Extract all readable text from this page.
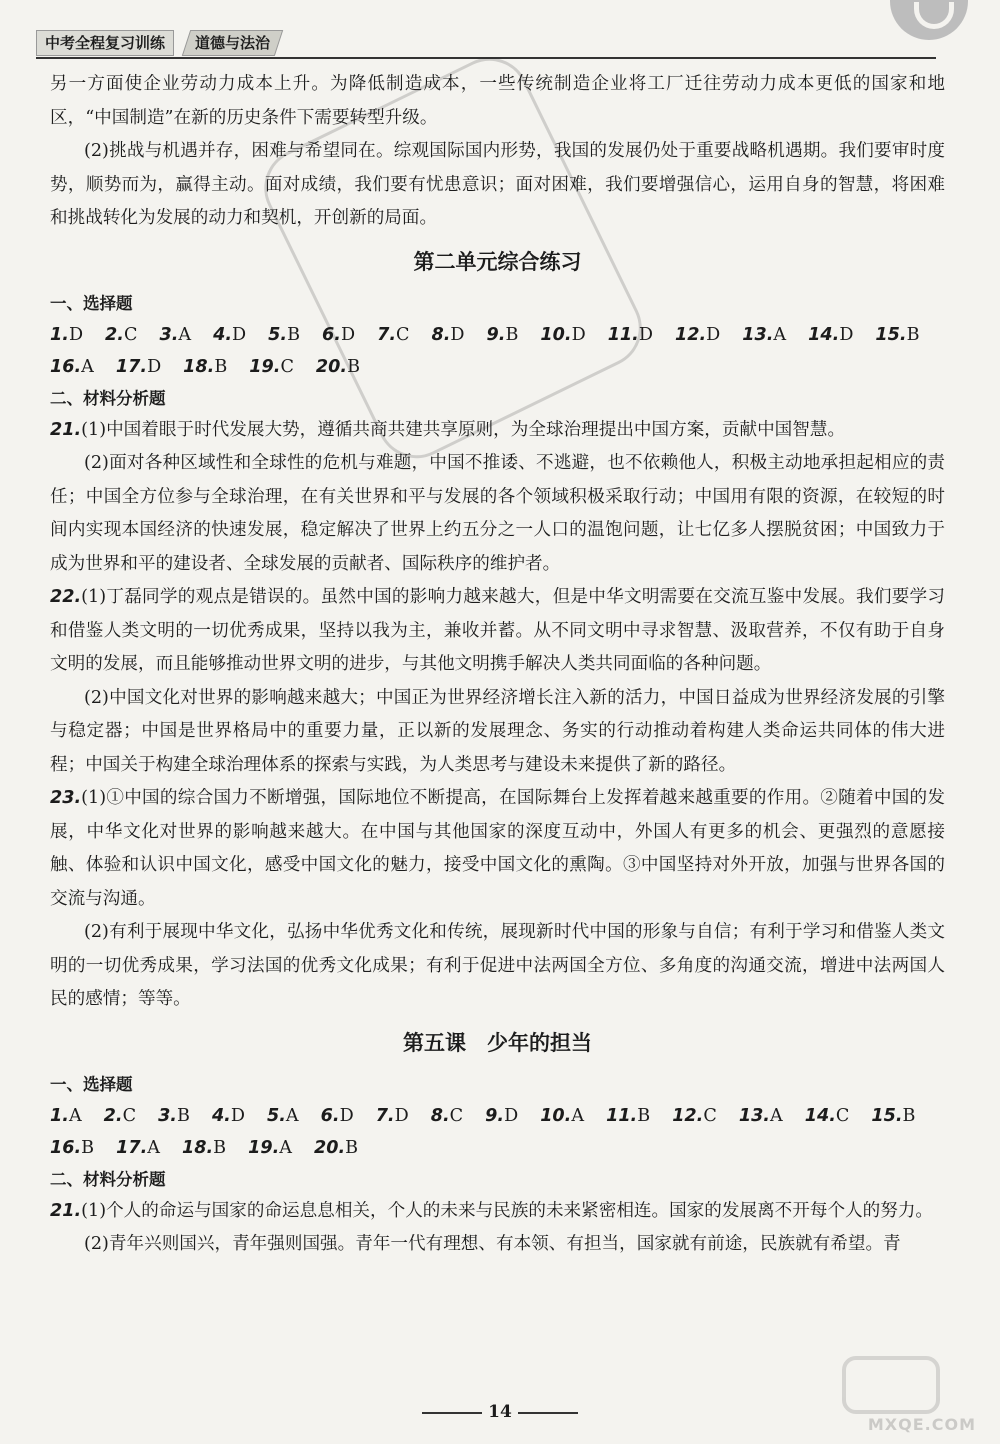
中考全程复习训练	道德与法治

另一方面使企业劳动力成本上升。为降低制造成本，一些传统制造企业将工厂迁往劳动力成本更低的国家和地区，“中国制造”在新的历史条件下需要转型升级。

(2)挑战与机遇并存，困难与希望同在。综观国际国内形势，我国的发展仍处于重要战略机遇期。我们要审时度势，顺势而为，赢得主动。面对成绩，我们要有忧患意识；面对困难，我们要增强信心，运用自身的智慧，将困难和挑战转化为发展的动力和契机，开创新的局面。

第二单元综合练习
一、选择题
1.D 2.C 3.A 4.D 5.B 6.D 7.C 8.D 9.B 10.D 11.D 12.D 13.A 14.D 15.B
16.A 17.D 18.B 19.C 20.B
二、材料分析题

21.(1)中国着眼于时代发展大势，遵循共商共建共享原则，为全球治理提出中国方案，贡献中国智慧。

(2)面对各种区域性和全球性的危机与难题，中国不推诿、不逃避，也不依赖他人，积极主动地承担起相应的责任；中国全方位参与全球治理，在有关世界和平与发展的各个领域积极采取行动；中国用有限的资源，在较短的时间内实现本国经济的快速发展，稳定解决了世界上约五分之一人口的温饱问题，让七亿多人摆脱贫困；中国致力于成为世界和平的建设者、全球发展的贡献者、国际秩序的维护者。

22.(1)丁磊同学的观点是错误的。虽然中国的影响力越来越大，但是中华文明需要在交流互鉴中发展。我们要学习和借鉴人类文明的一切优秀成果，坚持以我为主，兼收并蓄。从不同文明中寻求智慧、汲取营养，不仅有助于自身文明的发展，而且能够推动世界文明的进步，与其他文明携手解决人类共同面临的各种问题。

(2)中国文化对世界的影响越来越大；中国正为世界经济增长注入新的活力，中国日益成为世界经济发展的引擎与稳定器；中国是世界格局中的重要力量，正以新的发展理念、务实的行动推动着构建人类命运共同体的伟大进程；中国关于构建全球治理体系的探索与实践，为人类思考与建设未来提供了新的路径。

23.(1)①中国的综合国力不断增强，国际地位不断提高，在国际舞台上发挥着越来越重要的作用。②随着中国的发展，中华文化对世界的影响越来越大。在中国与其他国家的深度互动中，外国人有更多的机会、更强烈的意愿接触、体验和认识中国文化，感受中国文化的魅力，接受中国文化的熏陶。③中国坚持对外开放，加强与世界各国的交流与沟通。

(2)有利于展现中华文化，弘扬中华优秀文化和传统，展现新时代中国的形象与自信；有利于学习和借鉴人类文明的一切优秀成果，学习法国的优秀文化成果；有利于促进中法两国全方位、多角度的沟通交流，增进中法两国人民的感情；等等。

第五课　少年的担当
一、选择题
1.A 2.C 3.B 4.D 5.A 6.D 7.D 8.C 9.D 10.A 11.B 12.C 13.A 14.C 15.B
16.B 17.A 18.B 19.A 20.B
二、材料分析题

21.(1)个人的命运与国家的命运息息相关，个人的未来与民族的未来紧密相连。国家的发展离不开每个人的努力。

(2)青年兴则国兴，青年强则国强。青年一代有理想、有本领、有担当，国家就有前途，民族就有希望。青

14
MXQE.COM
